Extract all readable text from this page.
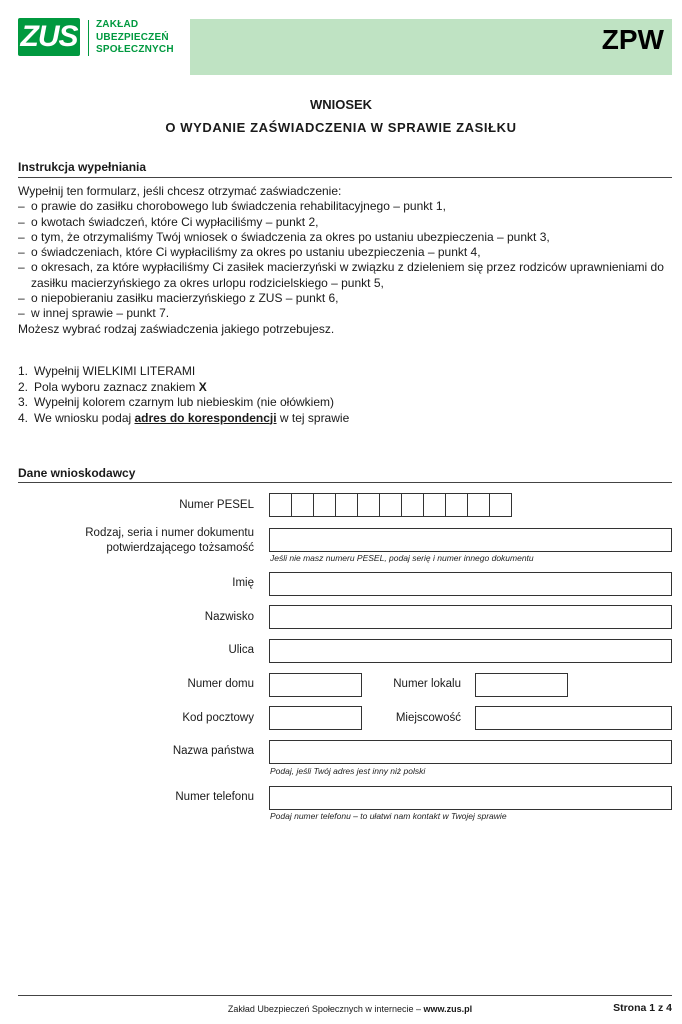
ZUS ZAKŁAD
UBEZPIECZEŃ
SPOŁECZNYCH	ZPW
WNIOSEK
O WYDANIE ZAŚWIADCZENIA W SPRAWIE ZASIŁKU
Instrukcja wypełniania
Wypełnij ten formularz, jeśli chcesz otrzymać zaświadczenie:
– o prawie do zasiłku chorobowego lub świadczenia rehabilitacyjnego – punkt 1,
– o kwotach świadczeń, które Ci wypłaciliśmy – punkt 2,
– o tym, że otrzymaliśmy Twój wniosek o świadczenia za okres po ustaniu ubezpieczenia – punkt 3,
– o świadczeniach, które Ci wypłaciliśmy za okres po ustaniu ubezpieczenia – punkt 4,
– o okresach, za które wypłaciliśmy Ci zasiłek macierzyński w związku z dzieleniem się przez rodziców uprawnieniami do zasiłku macierzyńskiego za okres urlopu rodzicielskiego – punkt 5,
– o niepobieraniu zasiłku macierzyńskiego z ZUS – punkt 6,
– w innej sprawie – punkt 7.
Możesz wybrać rodzaj zaświadczenia jakiego potrzebujesz.
1. Wypełnij WIELKIMI LITERAMI
2. Pola wyboru zaznacz znakiem X
3. Wypełnij kolorem czarnym lub niebieskim (nie ołówkiem)
4. We wniosku podaj adres do korespondencji w tej sprawie
Dane wnioskodawcy
Numer PESEL
Rodzaj, seria i numer dokumentu
potwierdzającego tożsamość
Jeśli nie masz numeru PESEL, podaj serię i numer innego dokumentu
Imię
Nazwisko
Ulica
Numer domu	Numer lokalu
Kod pocztowy	Miejscowość
Nazwa państwa
Podaj, jeśli Twój adres jest inny niż polski
Numer telefonu
Podaj numer telefonu – to ułatwi nam kontakt w Twojej sprawie
Zakład Ubezpieczeń Społecznych w internecie – www.zus.pl	Strona 1 z 4
